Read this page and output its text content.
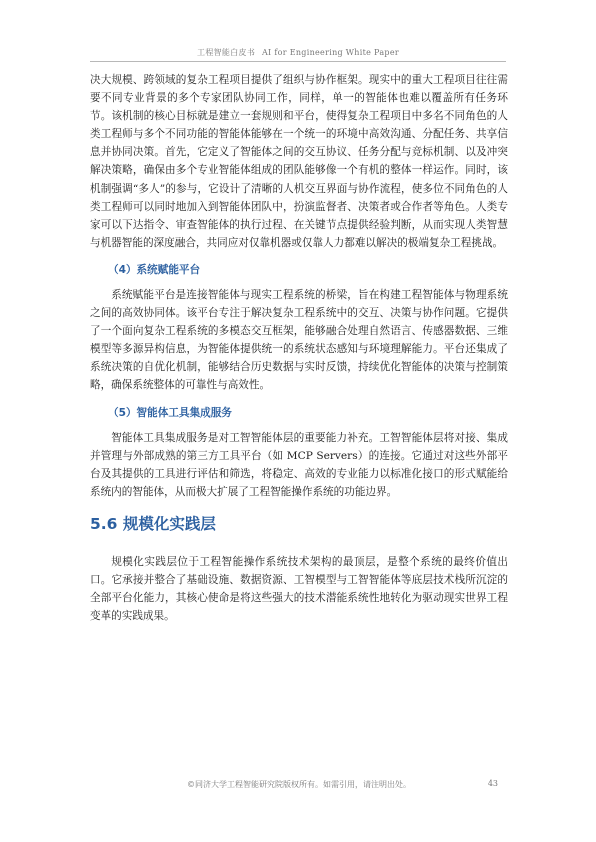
工程智能白皮书 AI for Engineering White Paper

决大规模、跨领域的复杂工程项目提供了组织与协作框架。现实中的重大工程项目往往需要不同专业背景的多个专家团队协同工作，同样，单一的智能体也难以覆盖所有任务环节。该机制的核心目标就是建立一套规则和平台，使得复杂工程项目中多名不同角色的人类工程师与多个不同功能的智能体能够在一个统一的环境中高效沟通、分配任务、共享信息并协同决策。首先，它定义了智能体之间的交互协议、任务分配与竞标机制、以及冲突解决策略，确保由多个专业智能体组成的团队能够像一个有机的整体一样运作。同时，该机制强调“多人”的参与，它设计了清晰的人机交互界面与协作流程，使多位不同角色的人类工程师可以同时地加入到智能体团队中，扮演监督者、决策者或合作者等角色。人类专家可以下达指令、审查智能体的执行过程、在关键节点提供经验判断，从而实现人类智慧与机器智能的深度融合，共同应对仅靠机器或仅靠人力都难以解决的极端复杂工程挑战。

（4）系统赋能平台

系统赋能平台是连接智能体与现实工程系统的桥梁，旨在构建工程智能体与物理系统之间的高效协同体。该平台专注于解决复杂工程系统中的交互、决策与协作问题。它提供了一个面向复杂工程系统的多模态交互框架，能够融合处理自然语言、传感器数据、三维模型等多源异构信息，为智能体提供统一的系统状态感知与环境理解能力。平台还集成了系统决策的自优化机制，能够结合历史数据与实时反馈，持续优化智能体的决策与控制策略，确保系统整体的可靠性与高效性。

（5）智能体工具集成服务

智能体工具集成服务是对工智智能体层的重要能力补充。工智智能体层将对接、集成并管理与外部成熟的第三方工具平台（如 MCP Servers）的连接。它通过对这些外部平台及其提供的工具进行评估和筛选，将稳定、高效的专业能力以标准化接口的形式赋能给系统内的智能体，从而极大扩展了工程智能操作系统的功能边界。

5.6 规模化实践层

规模化实践层位于工程智能操作系统技术架构的最顶层，是整个系统的最终价值出口。它承接并整合了基础设施、数据资源、工智模型与工智智能体等底层技术栈所沉淀的全部平台化能力，其核心使命是将这些强大的技术潜能系统性地转化为驱动现实世界工程变革的实践成果。

©同济大学工程智能研究院版权所有。如需引用，请注明出处。	43
